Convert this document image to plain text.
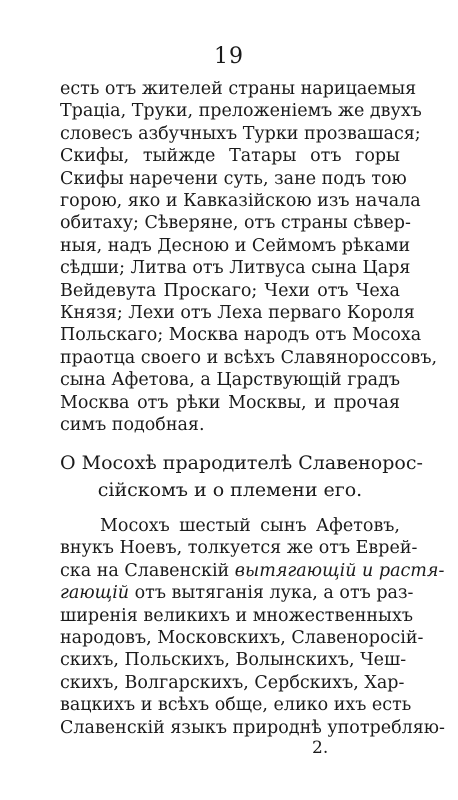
19
есть отъ жителей страны нарицаемыя
Траціа, Труки, преложеніемъ же двухъ
словесъ азбучныхъ Турки прозвашася;
Скифы, тыйжде Татары отъ горы
Скифы наречени суть, зане подъ тою
горою, яко и Кавказійскою изъ начала
обитаху; Сѣверяне, отъ страны сѣвер-
ныя, надъ Десною и Сеймомъ рѣками
сѣдши; Литва отъ Литвуса сына Царя
Вейдевута Проскаго; Чехи отъ Чеха
Князя; Лехи отъ Леха перваго Короля
Польскаго; Москва народъ отъ Мосоха
праотца своего и всѣхъ Славянороссовъ,
сына Афетова, а Царствующій градъ
Москва отъ рѣки Москвы, и прочая
симъ подобная.
О Мосохѣ прародителѣ Славенорос-
сійскомъ и о племени его.
Мосохъ шестый сынъ Афетовъ,
внукъ Ноевъ, толкуется же отъ Еврей-
ска на Славенскій вытягающій и растя-
гающій отъ вытяганія лука, а отъ раз-
ширенія великихъ и множественныхъ
народовъ, Московскихъ, Славеноросій-
скихъ, Польскихъ, Волынскихъ, Чеш-
скихъ, Волгарскихъ, Сербскихъ, Хар-
вацкихъ и всѣхъ обще, елико ихъ есть
Славенскій языкъ природнѣ употребляю-
2.
